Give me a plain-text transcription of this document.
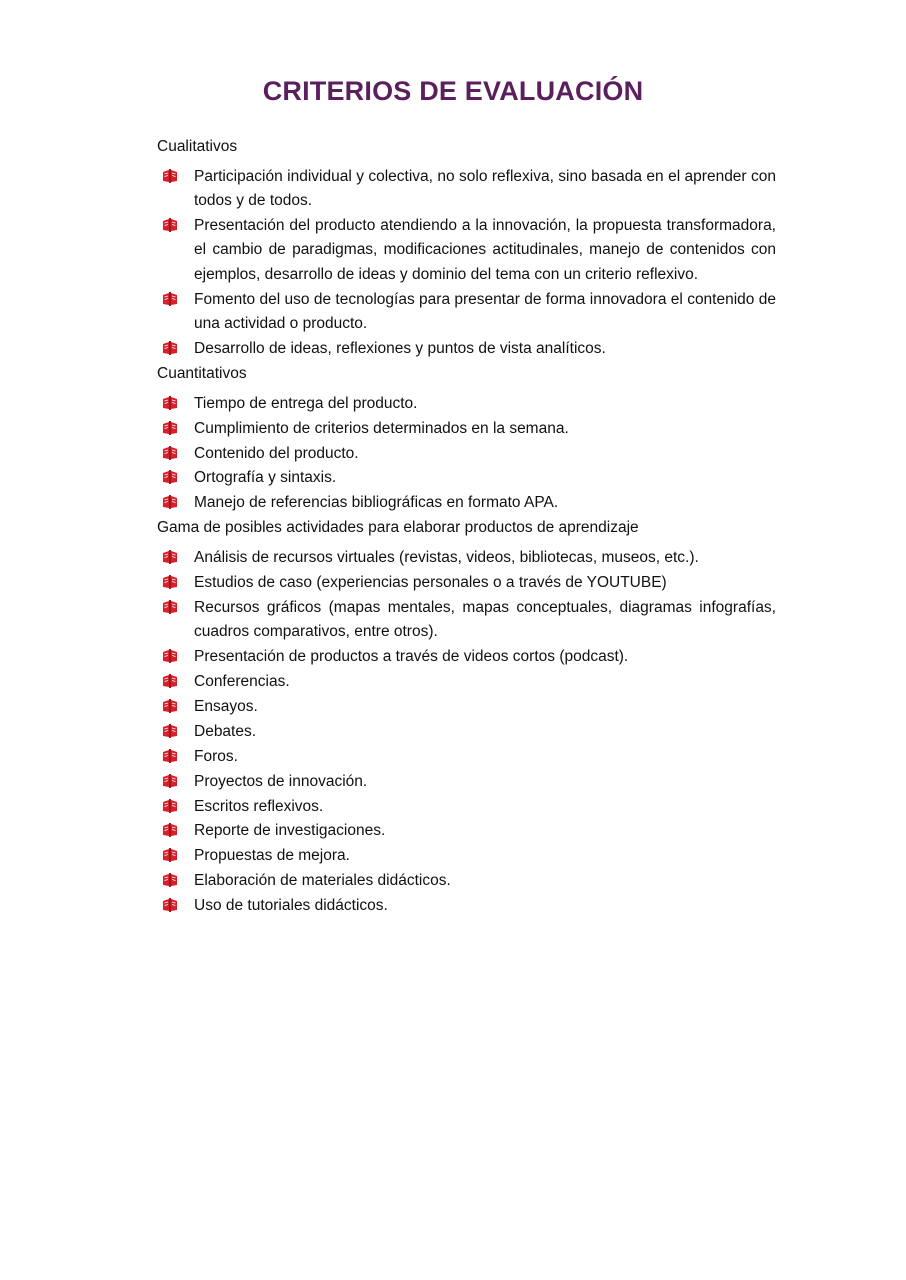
CRITERIOS DE EVALUACIÓN
Cualitativos
Participación individual y colectiva, no solo reflexiva, sino basada en el aprender con todos y de todos.
Presentación del producto atendiendo a la innovación, la propuesta transformadora, el cambio de paradigmas, modificaciones actitudinales, manejo de contenidos con ejemplos, desarrollo de ideas y dominio del tema con un criterio reflexivo.
Fomento del uso de tecnologías para presentar de forma innovadora el contenido de una actividad o producto.
Desarrollo de ideas, reflexiones y puntos de vista analíticos.
Cuantitativos
Tiempo de entrega del producto.
Cumplimiento de criterios determinados en la semana.
Contenido del producto.
Ortografía y sintaxis.
Manejo de referencias bibliográficas en formato APA.
Gama de posibles actividades para elaborar productos de aprendizaje
Análisis de recursos virtuales (revistas, videos, bibliotecas, museos, etc.).
Estudios de caso (experiencias personales o a través de YOUTUBE)
Recursos gráficos (mapas mentales, mapas conceptuales, diagramas infografías, cuadros comparativos, entre otros).
Presentación de productos a través de videos cortos (podcast).
Conferencias.
Ensayos.
Debates.
Foros.
Proyectos de innovación.
Escritos reflexivos.
Reporte de investigaciones.
Propuestas de mejora.
Elaboración de materiales didácticos.
Uso de tutoriales didácticos.
